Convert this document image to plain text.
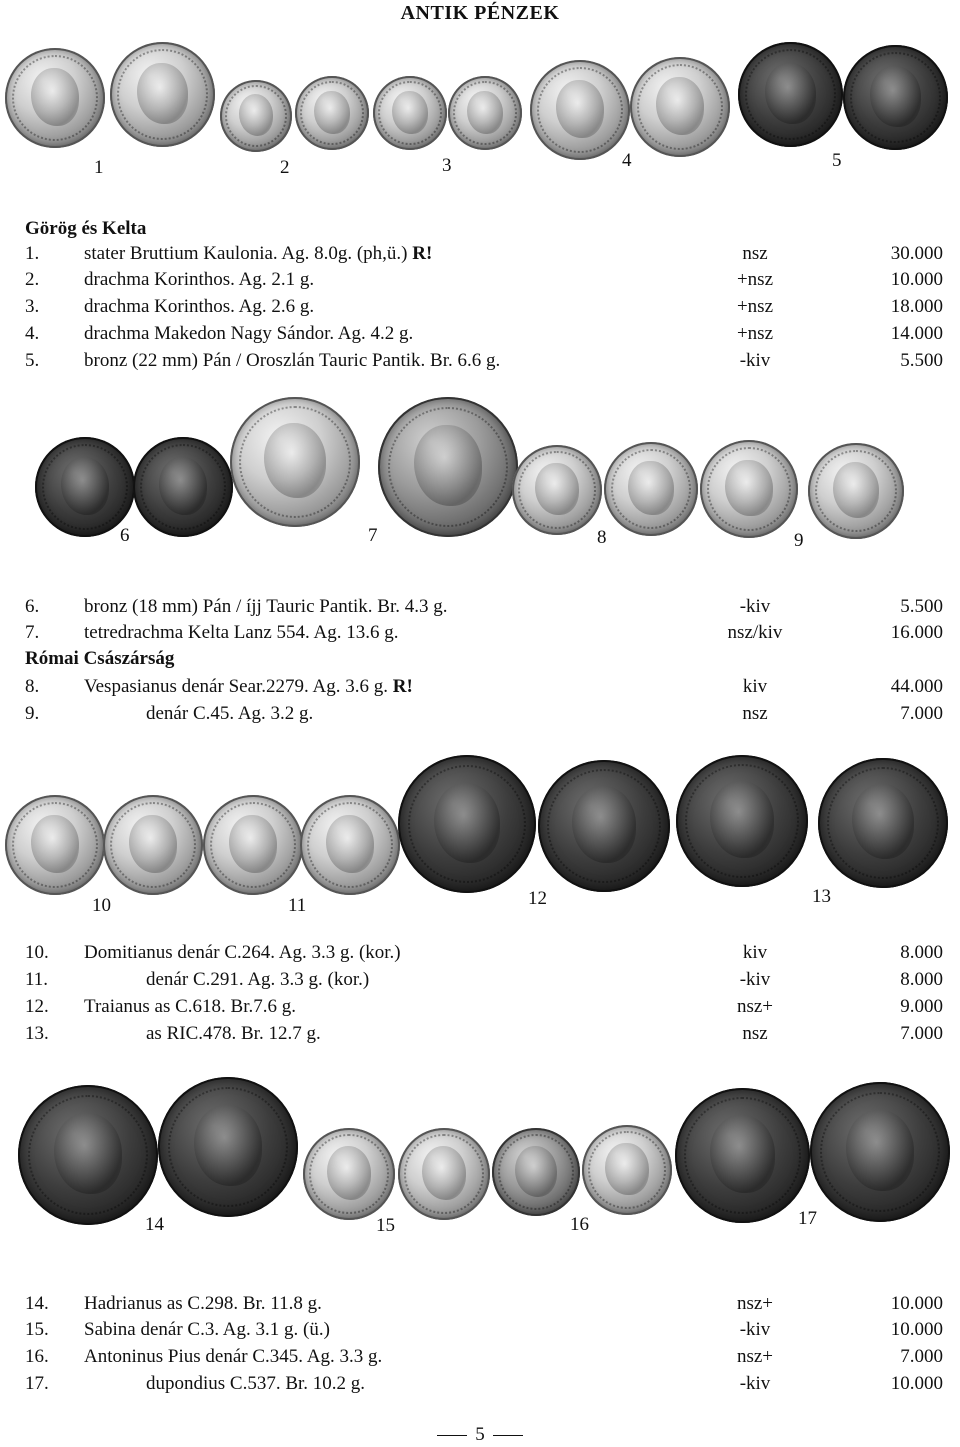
ANTIK PÉNZEK
1	2	3	4	5
Görög és Kelta
1. stater Bruttium Kaulonia. Ag. 8.0g. (ph,ü.) R!	nsz	30.000
2. drachma Korinthos. Ag. 2.1 g.	+nsz	10.000
3. drachma Korinthos. Ag. 2.6 g.	+nsz	18.000
4. drachma Makedon Nagy Sándor. Ag. 4.2 g.	+nsz	14.000
5. bronz (22 mm) Pán / Oroszlán Tauric Pantik. Br. 6.6 g.	-kiv	5.500
6	7	8	9
6. bronz (18 mm) Pán / íjj Tauric Pantik. Br. 4.3 g.	-kiv	5.500
7. tetredrachma Kelta Lanz 554. Ag. 13.6 g.	nsz/kiv	16.000
Római Császárság
8. Vespasianus denár Sear.2279. Ag. 3.6 g. R!	kiv	44.000
9.	denár C.45. Ag. 3.2 g.	nsz	7.000
10	11	12	13
10. Domitianus denár C.264. Ag. 3.3 g. (kor.)	kiv	8.000
11.	denár C.291. Ag. 3.3 g. (kor.)	-kiv	8.000
12. Traianus as C.618. Br.7.6 g.	nsz+	9.000
13.	as RIC.478. Br. 12.7 g.	nsz	7.000
14	15	16	17
14. Hadrianus as C.298. Br. 11.8 g.	nsz+	10.000
15. Sabina denár C.3. Ag. 3.1 g. (ü.)	-kiv	10.000
16. Antoninus Pius denár C.345. Ag. 3.3 g.	nsz+	7.000
17.	dupondius C.537. Br. 10.2 g.	-kiv	10.000
5
